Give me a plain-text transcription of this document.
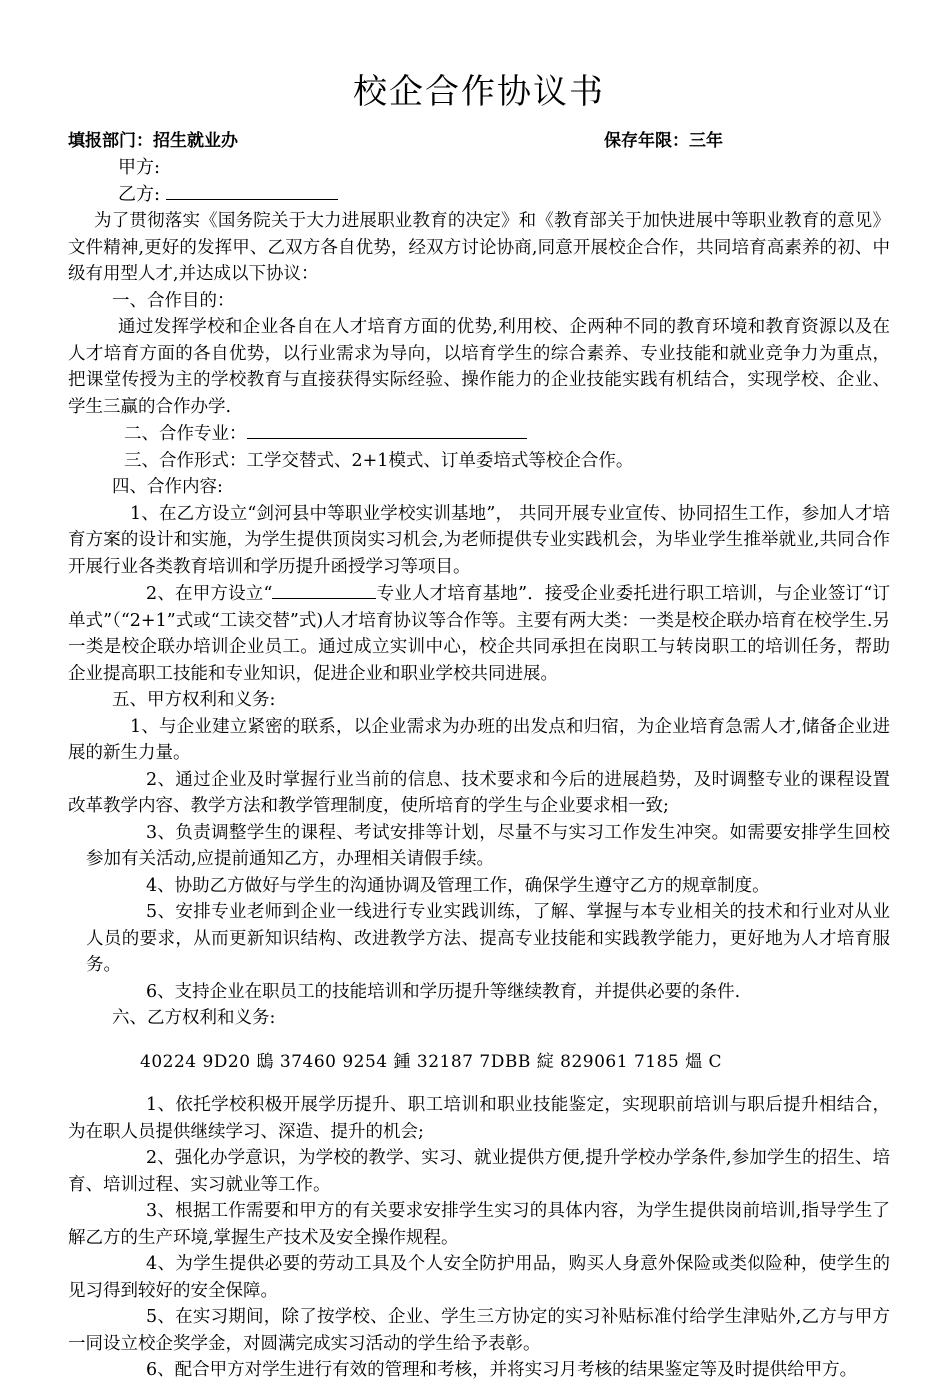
校企合作协议书
填报部门：招生就业办	保存年限：三年
甲方:
乙方:

为了贯彻落实《国务院关于大力进展职业教育的决定》和《教育部关于加快进展中等职业教育的意见》文件精神,更好的发挥甲、乙双方各自优势，经双方讨论协商,同意开展校企合作，共同培育高素养的初、中级有用型人才,并达成以下协议：

一、合作目的：

通过发挥学校和企业各自在人才培育方面的优势,利用校、企两种不同的教育环境和教育资源以及在人才培育方面的各自优势，以行业需求为导向，以培育学生的综合素养、专业技能和就业竞争力为重点，把课堂传授为主的学校教育与直接获得实际经验、操作能力的企业技能实践有机结合，实现学校、企业、学生三赢的合作办学.

二、合作专业：

三、合作形式：工学交替式、2+1模式、订单委培式等校企合作。

四、合作内容:

1、在乙方设立“剑河县中等职业学校实训基地”， 共同开展专业宣传、协同招生工作，参加人才培育方案的设计和实施，为学生提供顶岗实习机会,为老师提供专业实践机会，为毕业学生推举就业,共同合作开展行业各类教育培训和学历提升函授学习等项目。

2、在甲方设立“	专业人才培育基地”．接受企业委托进行职工培训，与企业签订“订单式”（“2+1”式或“工读交替”式)人才培育协议等合作等。主要有两大类：一类是校企联办培育在校学生.另一类是校企联办培训企业员工。通过成立实训中心，校企共同承担在岗职工与转岗职工的培训任务，帮助企业提高职工技能和专业知识，促进企业和职业学校共同进展。

五、甲方权利和义务:

1、与企业建立紧密的联系，以企业需求为办班的出发点和归宿，为企业培育急需人才,储备企业进展的新生力量。

2、通过企业及时掌握行业当前的信息、技术要求和今后的进展趋势，及时调整专业的课程设置改革教学内容、教学方法和教学管理制度，使所培育的学生与企业要求相一致;

3、负责调整学生的课程、考试安排等计划，尽量不与实习工作发生冲突。如需要安排学生回校参加有关活动,应提前通知乙方，办理相关请假手续。

4、协助乙方做好与学生的沟通协调及管理工作，确保学生遵守乙方的规章制度。

5、安排专业老师到企业一线进行专业实践训练，了解、掌握与本专业相关的技术和行业对从业人员的要求，从而更新知识结构、改进教学方法、提高专业技能和实践教学能力，更好地为人才培育服务。

6、支持企业在职员工的技能培训和学历提升等继续教育，并提供必要的条件.

六、乙方权利和义务:

40224 9D20 鴟 37460 9254 鍾 32187 7DBB 綻 829061 7185 熅 C

1、依托学校积极开展学历提升、职工培训和职业技能鉴定，实现职前培训与职后提升相结合，为在职人员提供继续学习、深造、提升的机会;

2、强化办学意识，为学校的教学、实习、就业提供方便,提升学校办学条件,参加学生的招生、培育、培训过程、实习就业等工作。

3、根据工作需要和甲方的有关要求安排学生实习的具体内容，为学生提供岗前培训,指导学生了解乙方的生产环境,掌握生产技术及安全操作规程。

4、为学生提供必要的劳动工具及个人安全防护用品，购买人身意外保险或类似险种，使学生的见习得到较好的安全保障。

5、在实习期间，除了按学校、企业、学生三方协定的实习补贴标准付给学生津贴外,乙方与甲方一同设立校企奖学金，对圆满完成实习活动的学生给予表彰。

6、配合甲方对学生进行有效的管理和考核，并将实习月考核的结果鉴定等及时提供给甲方。
